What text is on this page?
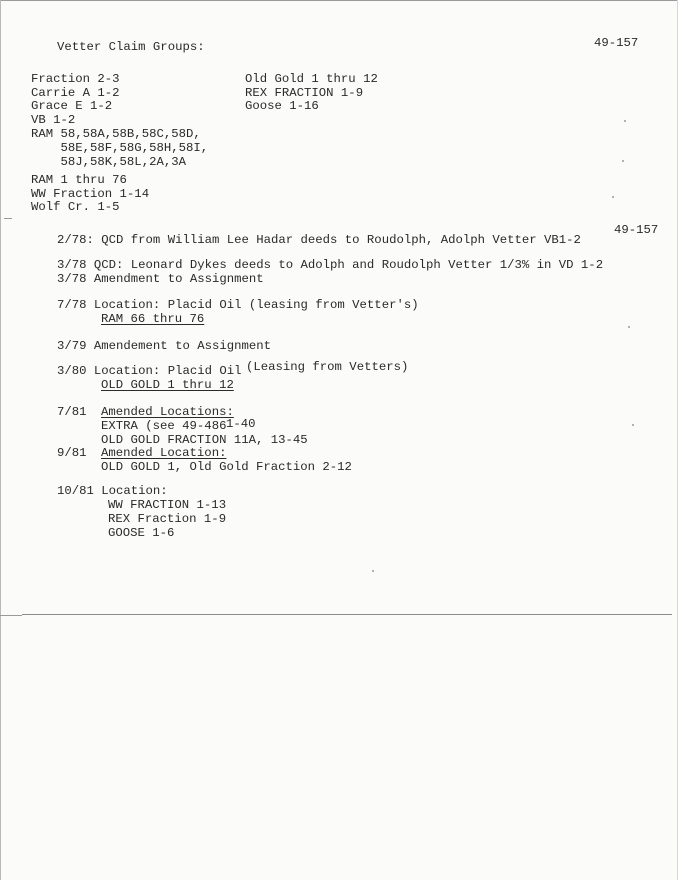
Vetter Claim Groups:	49-157
Fraction 2-3
Carrie A 1-2
Grace E 1-2
VB 1-2
RAM 58,58A,58B,58C,58D,
58E,58F,58G,58H,58I,
58J,58K,58L,2A,3A
RAM 1 thru 76
WW Fraction 1-14
Wolf Cr. 1-5
Old Gold 1 thru 12
REX FRACTION 1-9
Goose 1-16
49-157
2/78: QCD from William Lee Hadar deeds to Roudolph, Adolph Vetter VB1-2
3/78 QCD: Leonard Dykes deeds to Adolph and Roudolph Vetter 1/3% in VD 1-2
3/78 Amendment to Assignment
7/78 Location: Placid Oil (leasing from Vetter's)
RAM 66 thru 76
3/79 Amendement to Assignment
3/80 Location: Placid Oil (Leasing from Vetters)
OLD GOLD 1 thru 12
7/81 Amended Locations:
EXTRA (see 49-486 1-40
OLD GOLD FRACTION 11A, 13-45
9/81 Amended Location:
OLD GOLD 1, Old Gold Fraction 2-12
10/81 Location:
WW FRACTION 1-13
REX Fraction 1-9
GOOSE 1-6
